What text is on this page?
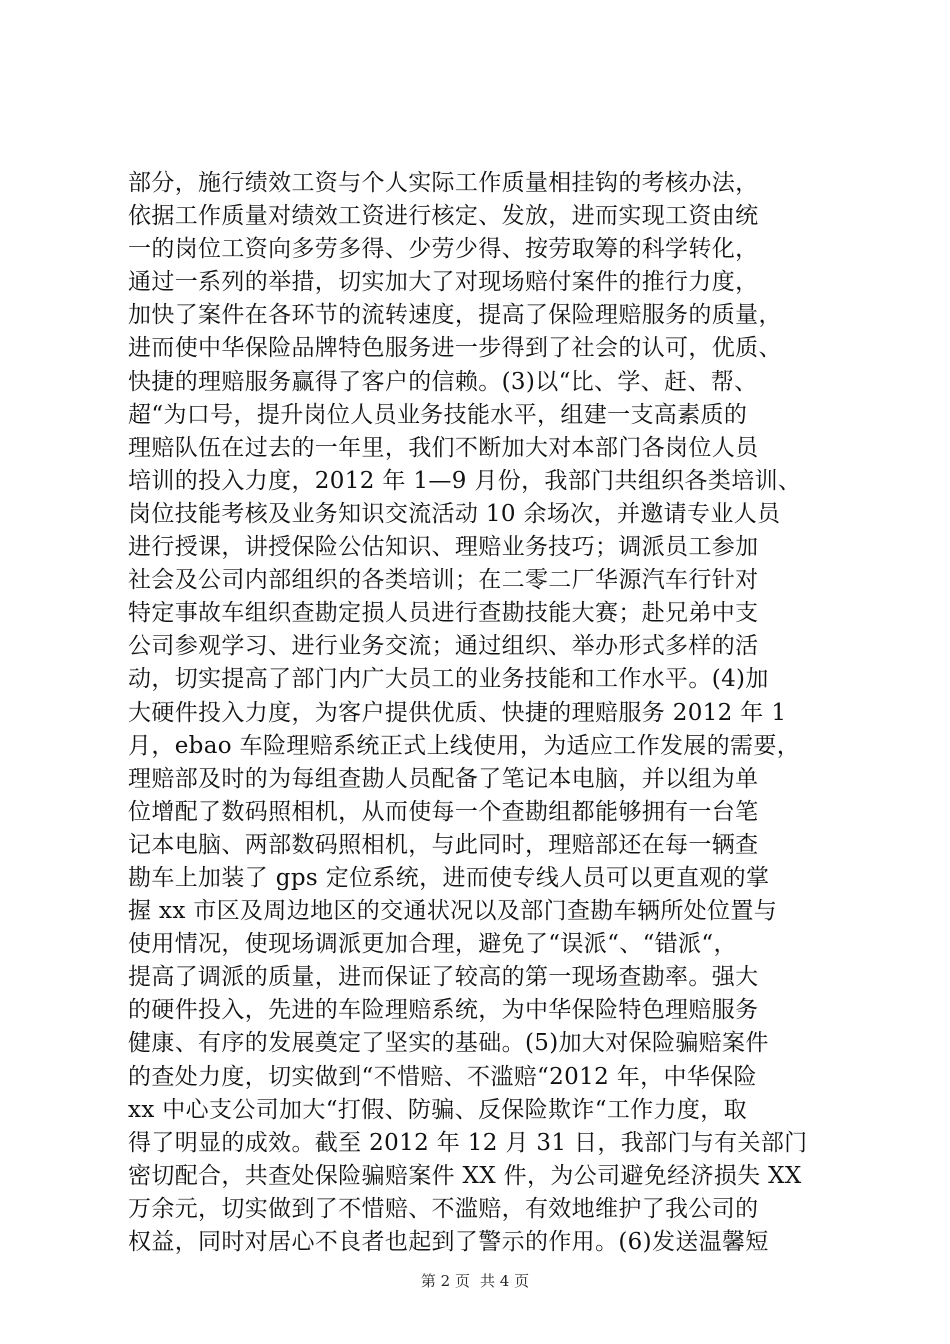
部分，施行绩效工资与个人实际工作质量相挂钩的考核办法，
依据工作质量对绩效工资进行核定、发放，进而实现工资由统
一的岗位工资向多劳多得、少劳少得、按劳取筹的科学转化，
通过一系列的举措，切实加大了对现场赔付案件的推行力度，
加快了案件在各环节的流转速度，提高了保险理赔服务的质量，
进而使中华保险品牌特色服务进一步得到了社会的认可，优质、
快捷的理赔服务赢得了客户的信赖。(3)以“比、学、赶、帮、
超“为口号，提升岗位人员业务技能水平，组建一支高素质的
理赔队伍在过去的一年里，我们不断加大对本部门各岗位人员
培训的投入力度，2012 年 1—9 月份，我部门共组织各类培训、
岗位技能考核及业务知识交流活动 10 余场次，并邀请专业人员
进行授课，讲授保险公估知识、理赔业务技巧；调派员工参加
社会及公司内部组织的各类培训；在二零二厂华源汽车行针对
特定事故车组织查勘定损人员进行查勘技能大赛；赴兄弟中支
公司参观学习、进行业务交流；通过组织、举办形式多样的活
动，切实提高了部门内广大员工的业务技能和工作水平。(4)加
大硬件投入力度，为客户提供优质、快捷的理赔服务 2012 年 1
月，ebao 车险理赔系统正式上线使用，为适应工作发展的需要，
理赔部及时的为每组查勘人员配备了笔记本电脑，并以组为单
位增配了数码照相机，从而使每一个查勘组都能够拥有一台笔
记本电脑、两部数码照相机，与此同时，理赔部还在每一辆查
勘车上加装了 gps 定位系统，进而使专线人员可以更直观的掌
握 xx 市区及周边地区的交通状况以及部门查勘车辆所处位置与
使用情况，使现场调派更加合理，避免了“误派“、“错派“，
提高了调派的质量，进而保证了较高的第一现场查勘率。强大
的硬件投入，先进的车险理赔系统，为中华保险特色理赔服务
健康、有序的发展奠定了坚实的基础。(5)加大对保险骗赔案件
的查处力度，切实做到“不惜赔、不滥赔“2012 年，中华保险
xx 中心支公司加大“打假、防骗、反保险欺诈“工作力度，取
得了明显的成效。截至 2012 年 12 月 31 日，我部门与有关部门
密切配合，共查处保险骗赔案件 XX 件，为公司避免经济损失 XX
万余元，切实做到了不惜赔、不滥赔，有效地维护了我公司的
权益，同时对居心不良者也起到了警示的作用。(6)发送温馨短
第 2 页 共 4 页
